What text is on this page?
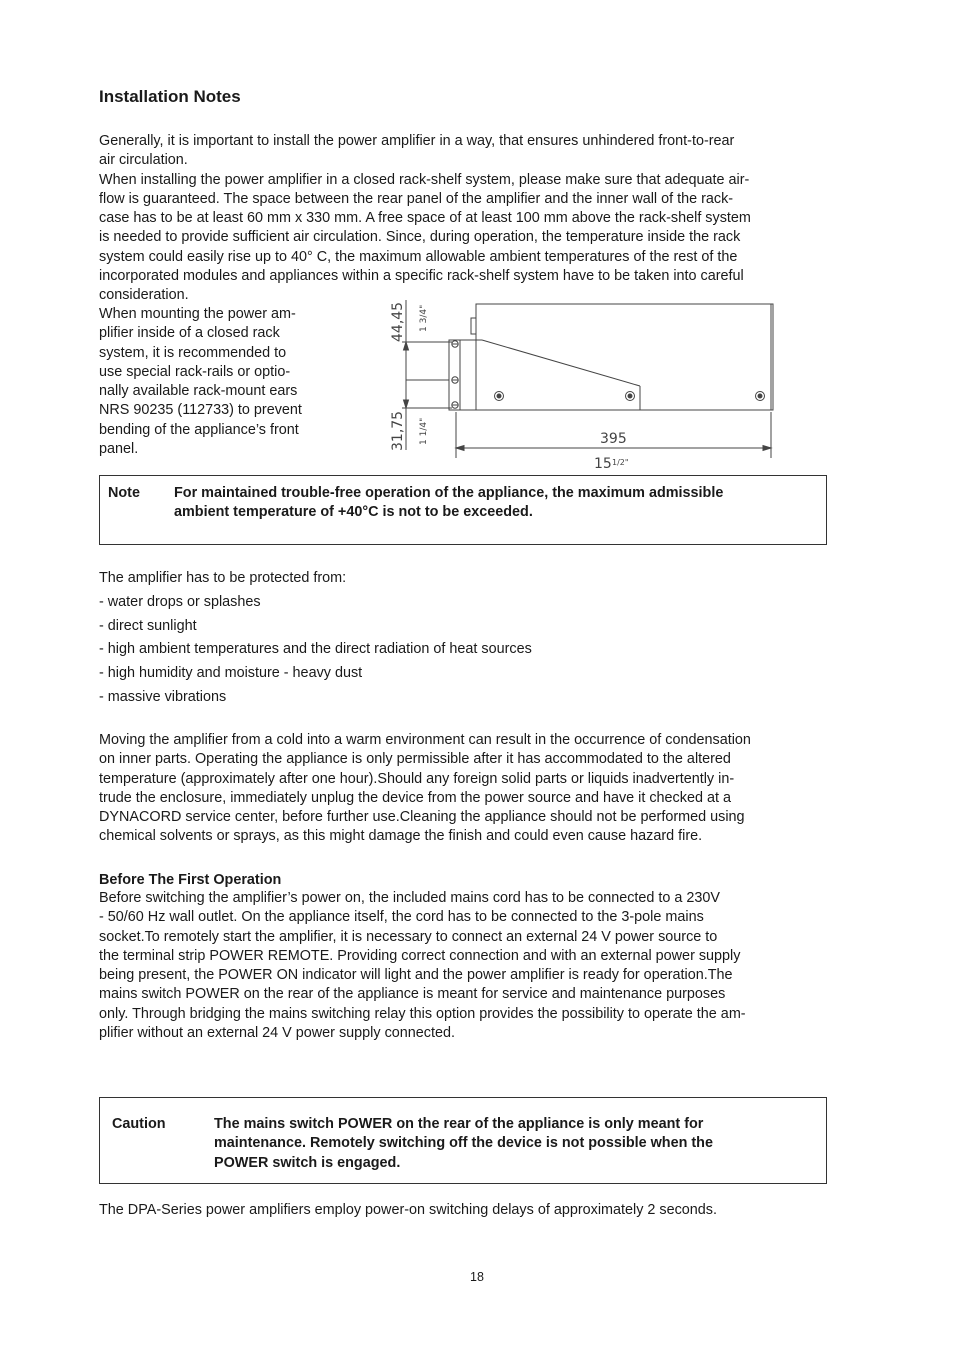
Installation Notes
Generally, it is important to install the power amplifier in a way, that ensures unhindered front-to-rear
air circulation.
When installing the power amplifier in a closed rack-shelf system, please make sure that adequate air-
flow is guaranteed. The space between the rear panel of the amplifier and the inner wall of the rack-
case has to be at least 60 mm x 330 mm. A free space of at least 100 mm above the rack-shelf system
is needed to provide sufficient air circulation. Since, during operation, the temperature inside the rack
system could easily rise up to 40° C, the maximum allowable ambient temperatures of the rest of the
incorporated modules and appliances within a specific rack-shelf system have to be taken into careful
consideration.
When mounting the power am-
plifier inside of a closed rack
system, it is recommended to
use special rack-rails or optio-
nally available rack-mount ears
NRS 90235 (112733) to prevent
bending of the appliance’s front
panel.
44,45
31,75
1 3/4"
1 1/4"	395
15 1/2"
Note For maintained trouble-free operation of the appliance, the maximum admissible
ambient temperature of +40°C is not to be exceeded.
The amplifier has to be protected from:
- water drops or splashes
- direct sunlight
- high ambient temperatures and the direct radiation of heat sources
- high humidity and moisture - heavy dust
- massive vibrations
Moving the amplifier from a cold into a warm environment can result in the occurrence of condensation
on inner parts. Operating the appliance is only permissible after it has accommodated to the altered
temperature (approximately after one hour).Should any foreign solid parts or liquids inadvertently in-
trude the enclosure, immediately unplug the device from the power source and have it checked at a
DYNACORD service center, before further use.Cleaning the appliance should not be performed using
chemical solvents or sprays, as this might damage the finish and could even cause hazard fire.
Before The First Operation
Before switching the amplifier’s power on, the included mains cord has to be connected to a 230V
- 50/60 Hz wall outlet. On the appliance itself, the cord has to be connected to the 3-pole mains
socket.To remotely start the amplifier, it is necessary to connect an external 24 V power source to
the terminal strip POWER REMOTE. Providing correct connection and with an external power supply
being present, the POWER ON indicator will light and the power amplifier is ready for operation.The
mains switch POWER on the rear of the appliance is meant for service and maintenance purposes
only. Through bridging the mains switching relay this option provides the possibility to operate the am-
plifier without an external 24 V power supply connected.
Caution	The mains switch POWER on the rear of the appliance is only meant for
maintenance. Remotely switching off the device is not possible when the
POWER switch is engaged.
The DPA-Series power amplifiers employ power-on switching delays of approximately 2 seconds.
18
